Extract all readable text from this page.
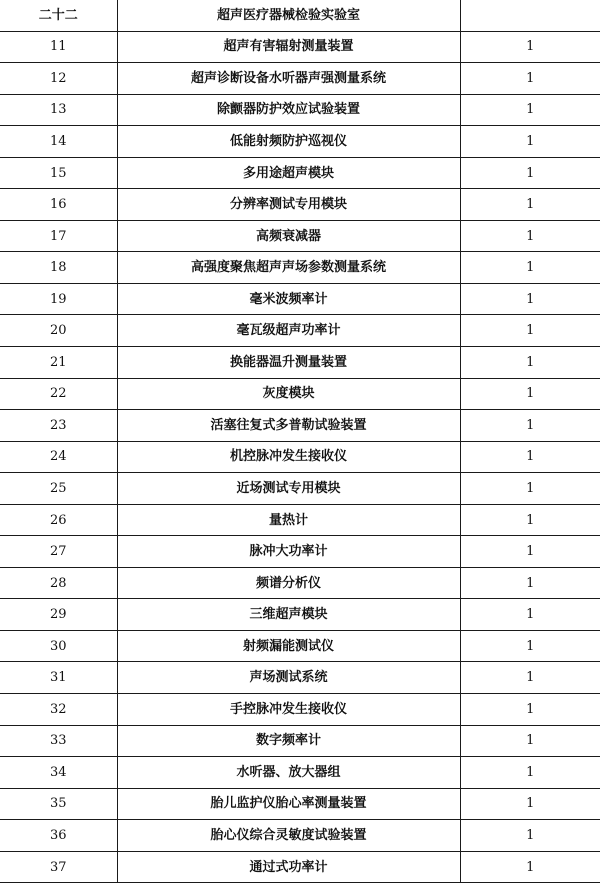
二十二	超声医疗器械检验实验室	
11	超声有害辐射测量装置	1
12	超声诊断设备水听器声强测量系统	1
13	除颤器防护效应试验装置	1
14	低能射频防护巡视仪	1
15	多用途超声模块	1
16	分辨率测试专用模块	1
17	高频衰减器	1
18	高强度聚焦超声声场参数测量系统	1
19	毫米波频率计	1
20	毫瓦级超声功率计	1
21	换能器温升测量装置	1
22	灰度模块	1
23	活塞往复式多普勒试验装置	1
24	机控脉冲发生接收仪	1
25	近场测试专用模块	1
26	量热计	1
27	脉冲大功率计	1
28	频谱分析仪	1
29	三维超声模块	1
30	射频漏能测试仪	1
31	声场测试系统	1
32	手控脉冲发生接收仪	1
33	数字频率计	1
34	水听器、放大器组	1
35	胎儿监护仪胎心率测量装置	1
36	胎心仪综合灵敏度试验装置	1
37	通过式功率计	1
